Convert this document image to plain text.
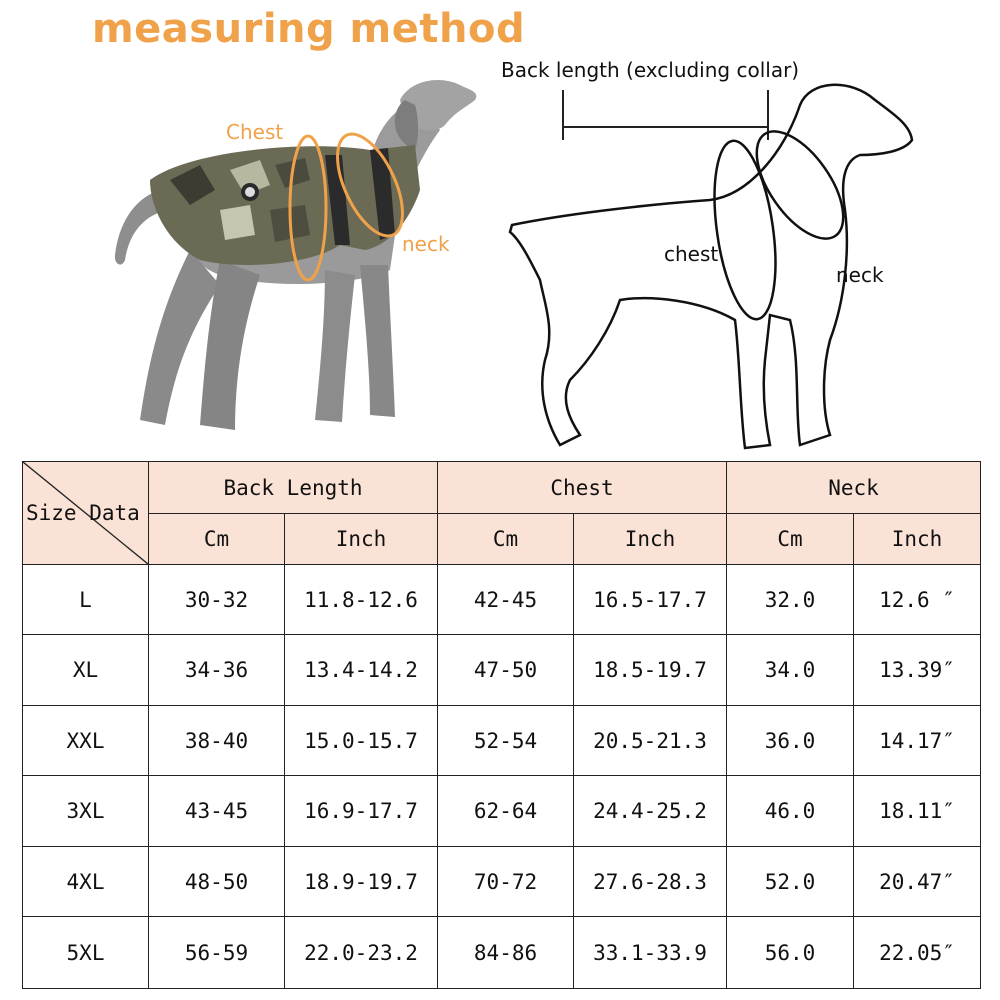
measuring method
Chest
neck
Back length (excluding collar)
chest
neck
Size Data	Back Length		Chest		Neck	
	Cm	Inch	Cm	Inch	Cm	Inch
L	30-32	11.8-12.6	42-45	16.5-17.7	32.0	12.6 ″
XL	34-36	13.4-14.2	47-50	18.5-19.7	34.0	13.39″
XXL	38-40	15.0-15.7	52-54	20.5-21.3	36.0	14.17″
3XL	43-45	16.9-17.7	62-64	24.4-25.2	46.0	18.11″
4XL	48-50	18.9-19.7	70-72	27.6-28.3	52.0	20.47″
5XL	56-59	22.0-23.2	84-86	33.1-33.9	56.0	22.05″
